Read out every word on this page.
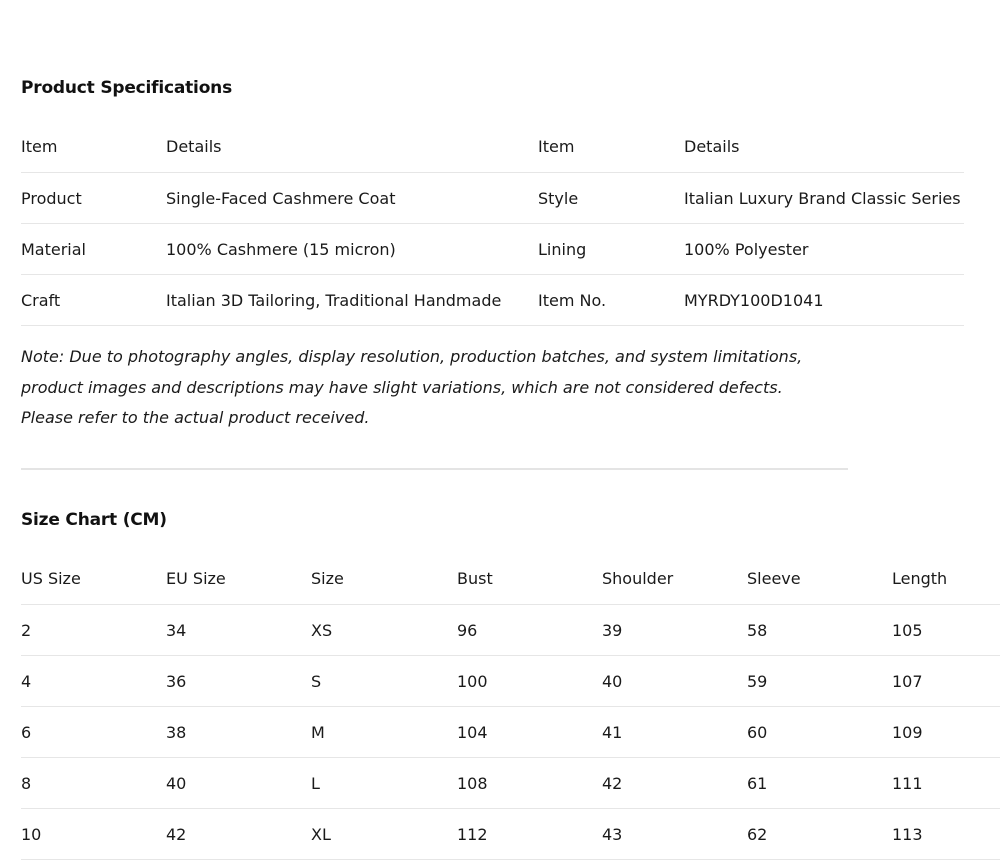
Product Specifications
Item	Details	Item	Details
Product	Single-Faced Cashmere Coat	Style	Italian Luxury Brand Classic Series
Material	100% Cashmere (15 micron)	Lining	100% Polyester
Craft	Italian 3D Tailoring, Traditional Handmade	Item No.	MYRDY100D1041

Note: Due to photography angles, display resolution, production batches, and system limitations,
product images and descriptions may have slight variations, which are not considered defects.
Please refer to the actual product received.

Size Chart (CM)
US Size	EU Size	Size	Bust	Shoulder	Sleeve	Length
2	34	XS	96	39	58	105
4	36	S	100	40	59	107
6	38	M	104	41	60	109
8	40	L	108	42	61	111
10	42	XL	112	43	62	113
